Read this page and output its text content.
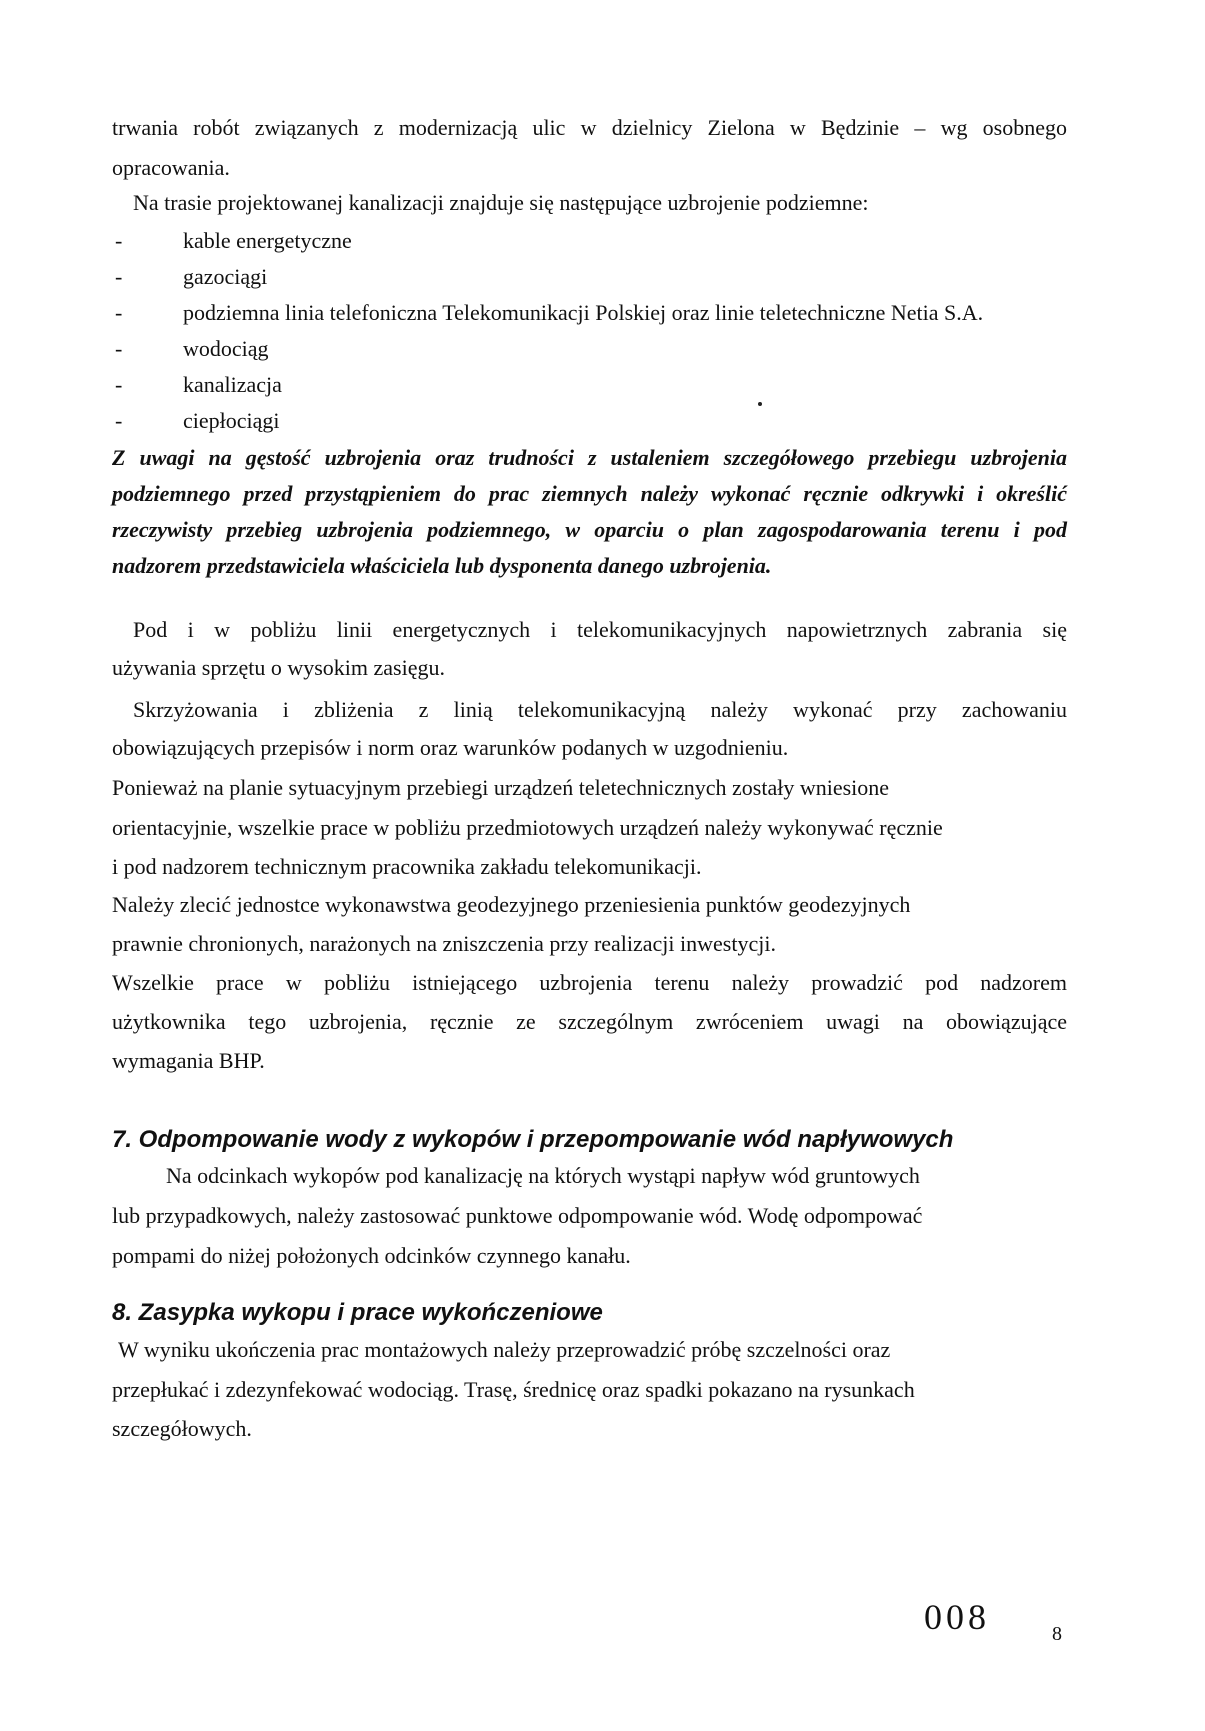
trwania robót związanych z modernizacją ulic w dzielnicy Zielona w Będzinie – wg osobnego
opracowania.
Na trasie projektowanej kanalizacji znajduje się następujące uzbrojenie podziemne:
-	kable energetyczne
-	gazociągi
-	podziemna linia telefoniczna Telekomunikacji Polskiej oraz linie teletechniczne Netia S.A.
-	wodociąg
-	kanalizacja
-	ciepłociągi
Z uwagi na gęstość uzbrojenia oraz trudności z ustaleniem szczegółowego przebiegu uzbrojenia
podziemnego przed przystąpieniem do prac ziemnych należy wykonać ręcznie odkrywki i określić
rzeczywisty przebieg uzbrojenia podziemnego, w oparciu o plan zagospodarowania terenu i pod
nadzorem przedstawiciela właściciela lub dysponenta danego uzbrojenia.
Pod i w pobliżu linii energetycznych i telekomunikacyjnych napowietrznych zabrania się
używania sprzętu o wysokim zasięgu.
Skrzyżowania i zbliżenia z linią telekomunikacyjną należy wykonać przy zachowaniu
obowiązujących przepisów i norm oraz warunków podanych w uzgodnieniu.
Ponieważ na planie sytuacyjnym przebiegi urządzeń teletechnicznych zostały wniesione
orientacyjnie, wszelkie prace w pobliżu przedmiotowych urządzeń należy wykonywać ręcznie
i pod nadzorem technicznym pracownika zakładu telekomunikacji.
Należy zlecić jednostce wykonawstwa geodezyjnego przeniesienia punktów geodezyjnych
prawnie chronionych, narażonych na zniszczenia przy realizacji inwestycji.
Wszelkie prace w pobliżu istniejącego uzbrojenia terenu należy prowadzić pod nadzorem
użytkownika tego uzbrojenia, ręcznie ze szczególnym zwróceniem uwagi na obowiązujące
wymagania BHP.
7. Odpompowanie wody z wykopów i przepompowanie wód napływowych
Na odcinkach wykopów pod kanalizację na których wystąpi napływ wód gruntowych
lub przypadkowych, należy zastosować punktowe odpompowanie wód. Wodę odpompować
pompami do niżej położonych odcinków czynnego kanału.
8. Zasypka wykopu i prace wykończeniowe
W wyniku ukończenia prac montażowych należy przeprowadzić próbę szczelności oraz
przepłukać i zdezynfekować wodociąg. Trasę, średnicę oraz spadki pokazano na rysunkach
szczegółowych.
008	8
